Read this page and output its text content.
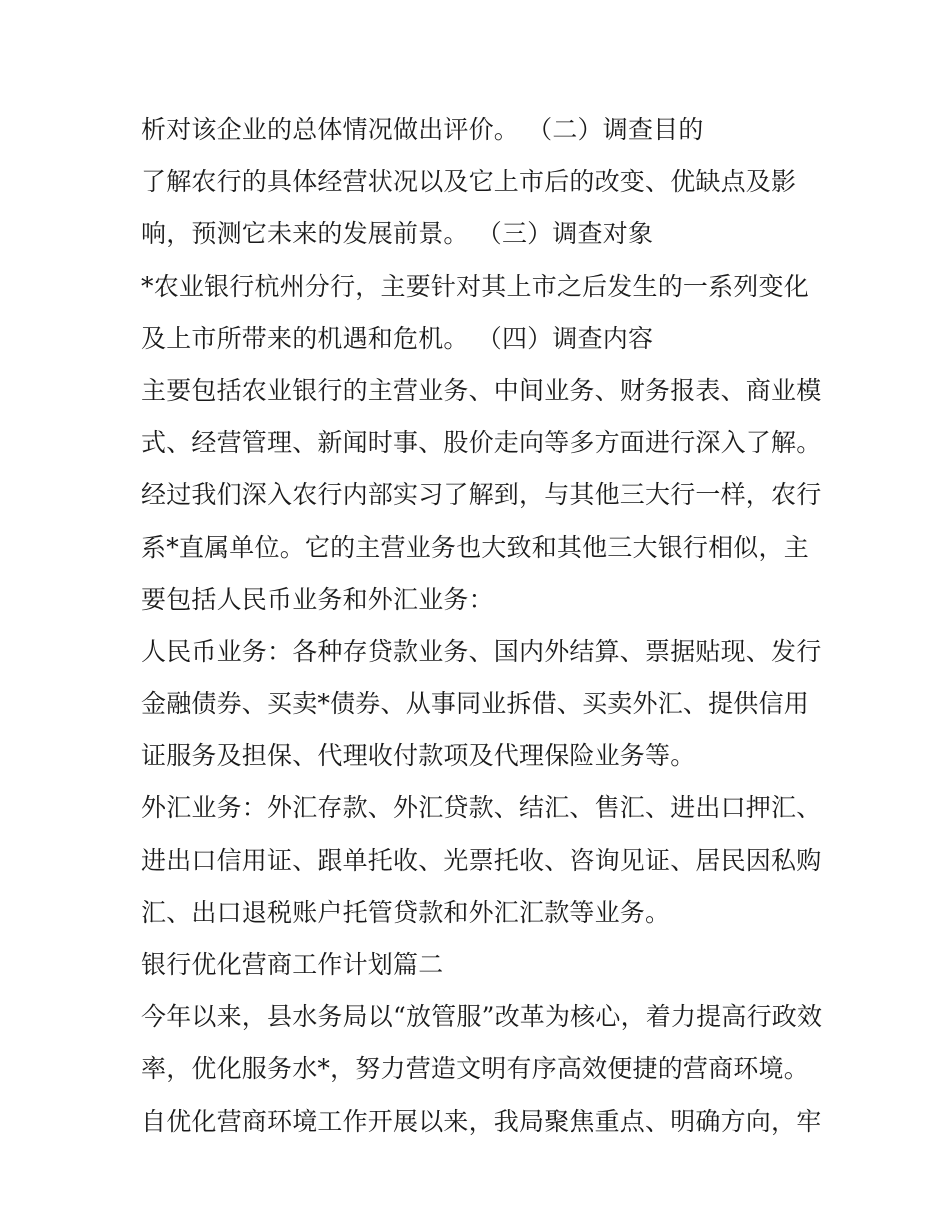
析对该企业的总体情况做出评价。 （二）调查目的
了解农行的具体经营状况以及它上市后的改变、优缺点及影
响，预测它未来的发展前景。 （三）调查对象
*农业银行杭州分行，主要针对其上市之后发生的一系列变化
及上市所带来的机遇和危机。 （四）调查内容
主要包括农业银行的主营业务、中间业务、财务报表、商业模
式、经营管理、新闻时事、股价走向等多方面进行深入了解。
经过我们深入农行内部实习了解到，与其他三大行一样，农行
系*直属单位。它的主营业务也大致和其他三大银行相似，主
要包括人民币业务和外汇业务：
人民币业务：各种存贷款业务、国内外结算、票据贴现、发行
金融债券、买卖*债券、从事同业拆借、买卖外汇、提供信用
证服务及担保、代理收付款项及代理保险业务等。
外汇业务：外汇存款、外汇贷款、结汇、售汇、进出口押汇、
进出口信用证、跟单托收、光票托收、咨询见证、居民因私购
汇、出口退税账户托管贷款和外汇汇款等业务。
银行优化营商工作计划篇二
今年以来，县水务局以“放管服”改革为核心，着力提高行政效
率，优化服务水*，努力营造文明有序高效便捷的营商环境。
自优化营商环境工作开展以来，我局聚焦重点、明确方向，牢
